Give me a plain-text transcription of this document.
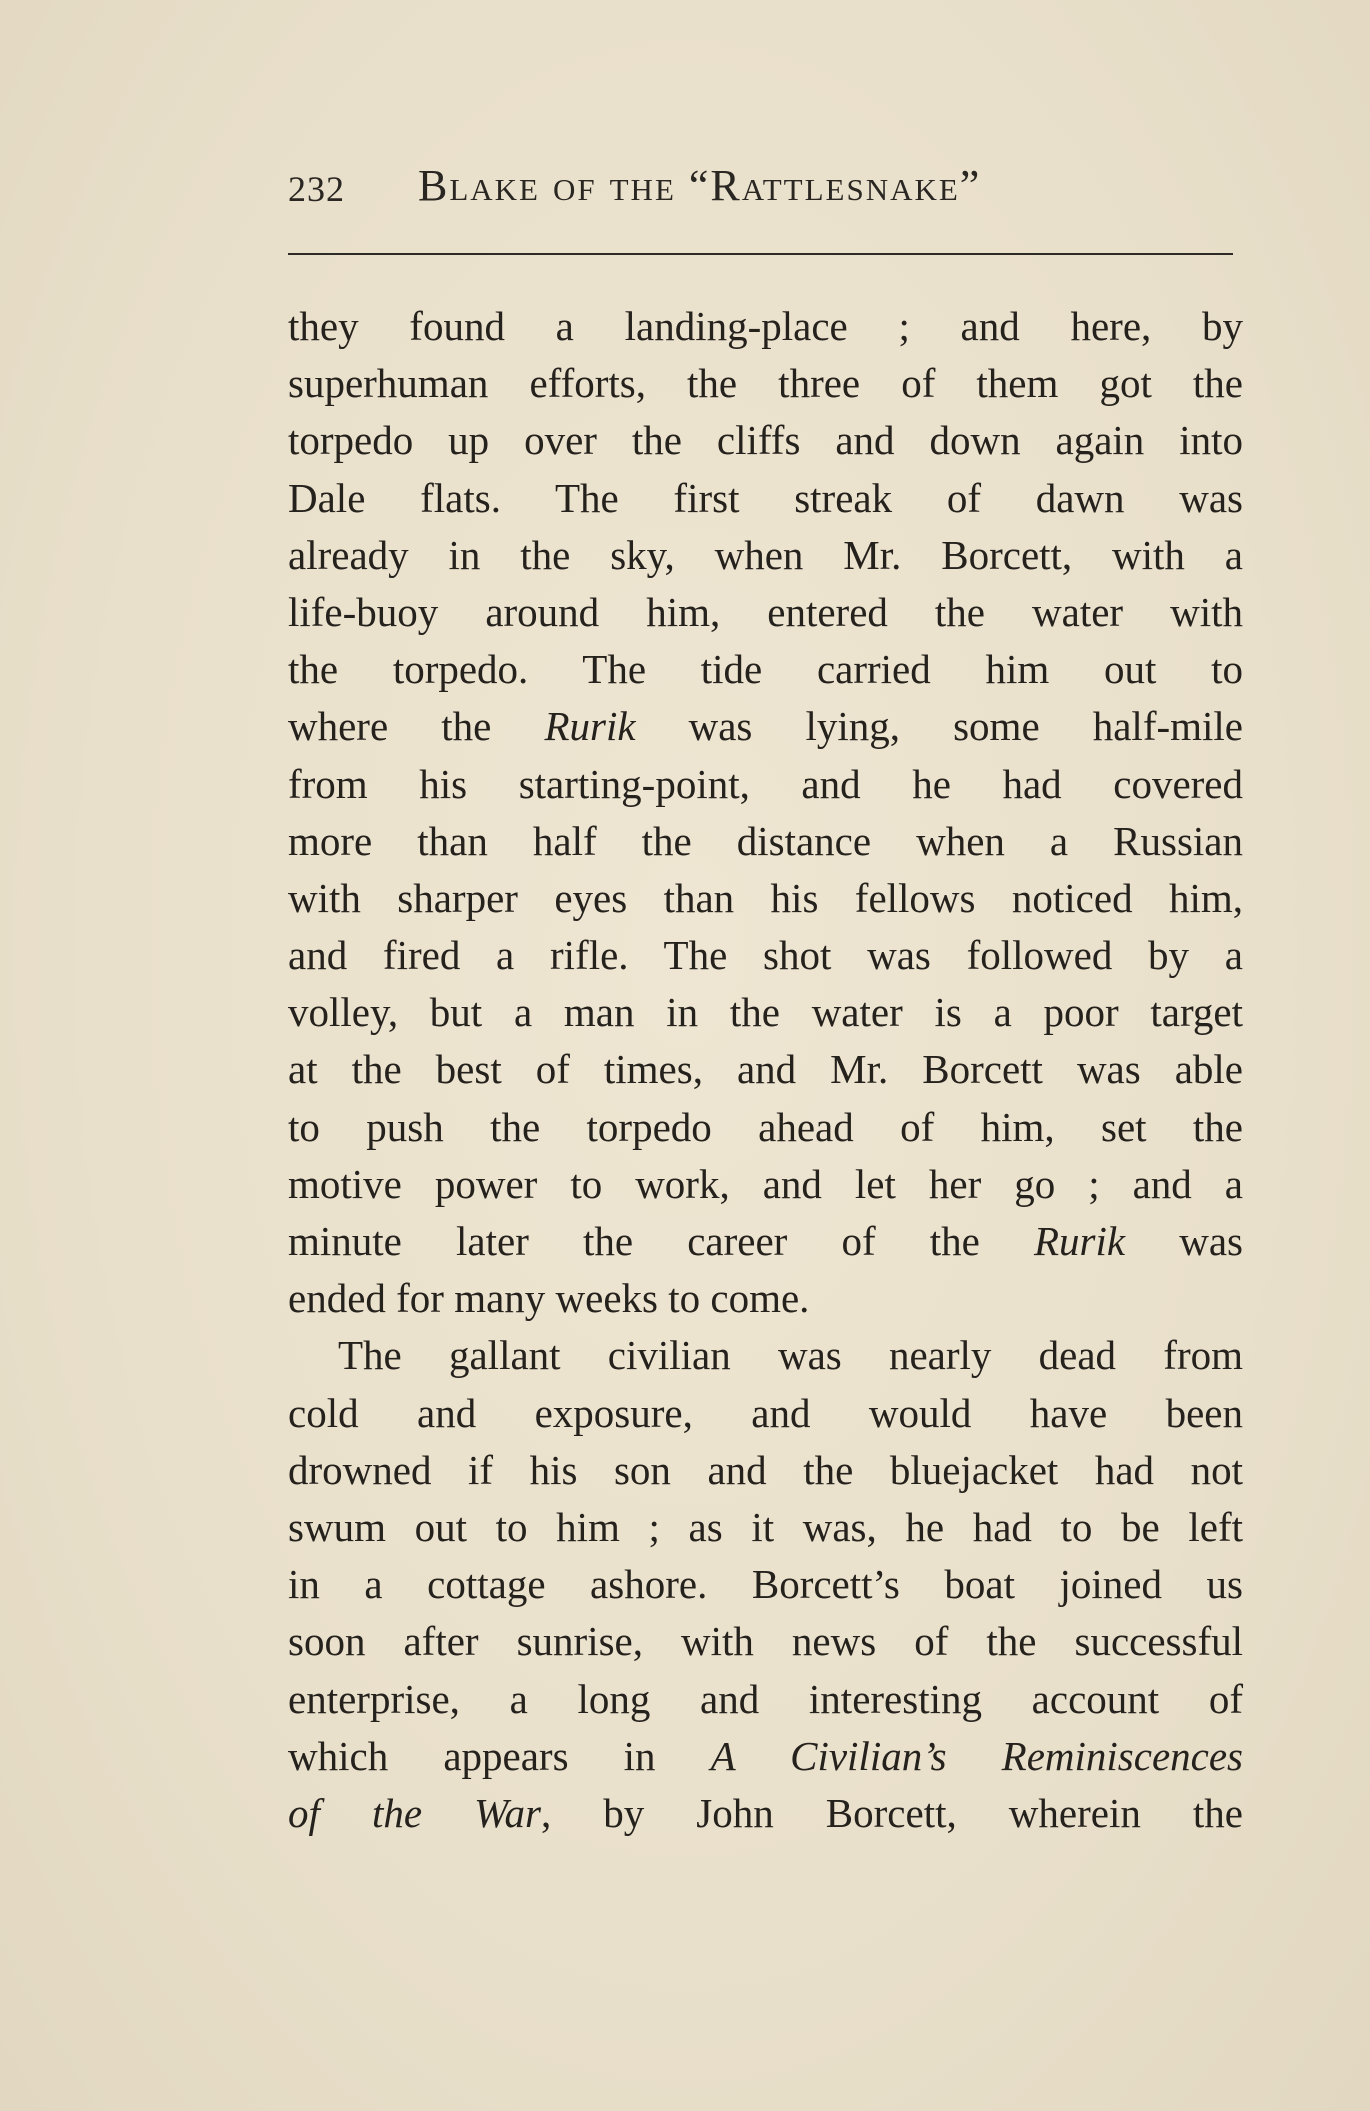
232 Blake of the “Rattlesnake”
they found a landing-place ; and here, by
superhuman efforts, the three of them got the
torpedo up over the cliffs and down again into
Dale flats. The first streak of dawn was
already in the sky, when Mr. Borcett, with a
life-buoy around him, entered the water with
the torpedo. The tide carried him out to
where the Rurik was lying, some half-mile
from his starting-point, and he had covered
more than half the distance when a Russian
with sharper eyes than his fellows noticed him,
and fired a rifle. The shot was followed by a
volley, but a man in the water is a poor target
at the best of times, and Mr. Borcett was able
to push the torpedo ahead of him, set the
motive power to work, and let her go ; and a
minute later the career of the Rurik was
ended for many weeks to come.
The gallant civilian was nearly dead from
cold and exposure, and would have been
drowned if his son and the bluejacket had not
swum out to him ; as it was, he had to be left
in a cottage ashore. Borcett’s boat joined us
soon after sunrise, with news of the successful
enterprise, a long and interesting account of
which appears in A Civilian’s Reminiscences
of the War, by John Borcett, wherein the
